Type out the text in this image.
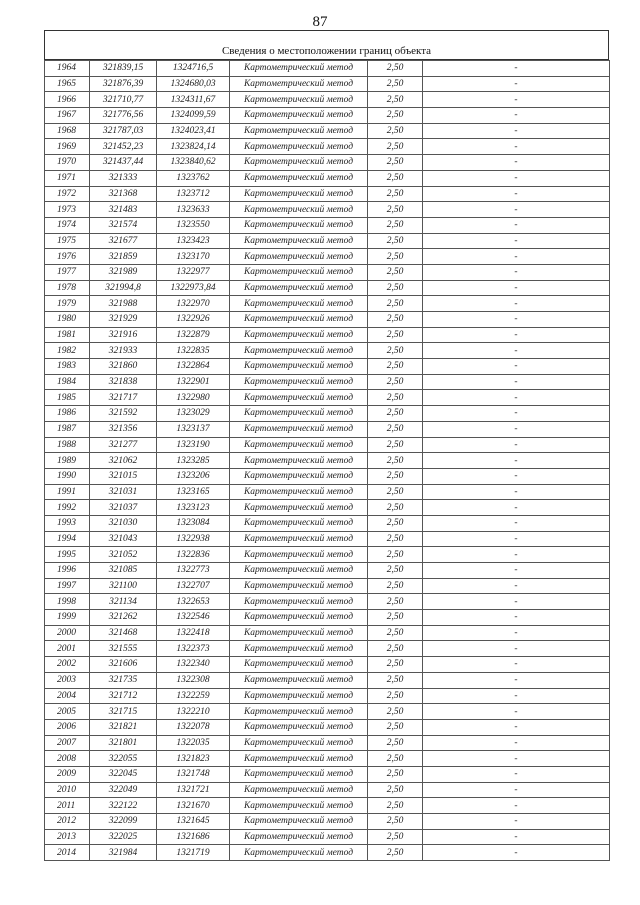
87
Сведения о местоположении границ объекта
1964	321839,15	1324716,5	Картометрический метод	2,50	-
1965	321876,39	1324680,03	Картометрический метод	2,50	-
1966	321710,77	1324311,67	Картометрический метод	2,50	-
1967	321776,56	1324099,59	Картометрический метод	2,50	-
1968	321787,03	1324023,41	Картометрический метод	2,50	-
1969	321452,23	1323824,14	Картометрический метод	2,50	-
1970	321437,44	1323840,62	Картометрический метод	2,50	-
1971	321333	1323762	Картометрический метод	2,50	-
1972	321368	1323712	Картометрический метод	2,50	-
1973	321483	1323633	Картометрический метод	2,50	-
1974	321574	1323550	Картометрический метод	2,50	-
1975	321677	1323423	Картометрический метод	2,50	-
1976	321859	1323170	Картометрический метод	2,50	-
1977	321989	1322977	Картометрический метод	2,50	-
1978	321994,8	1322973,84	Картометрический метод	2,50	-
1979	321988	1322970	Картометрический метод	2,50	-
1980	321929	1322926	Картометрический метод	2,50	-
1981	321916	1322879	Картометрический метод	2,50	-
1982	321933	1322835	Картометрический метод	2,50	-
1983	321860	1322864	Картометрический метод	2,50	-
1984	321838	1322901	Картометрический метод	2,50	-
1985	321717	1322980	Картометрический метод	2,50	-
1986	321592	1323029	Картометрический метод	2,50	-
1987	321356	1323137	Картометрический метод	2,50	-
1988	321277	1323190	Картометрический метод	2,50	-
1989	321062	1323285	Картометрический метод	2,50	-
1990	321015	1323206	Картометрический метод	2,50	-
1991	321031	1323165	Картометрический метод	2,50	-
1992	321037	1323123	Картометрический метод	2,50	-
1993	321030	1323084	Картометрический метод	2,50	-
1994	321043	1322938	Картометрический метод	2,50	-
1995	321052	1322836	Картометрический метод	2,50	-
1996	321085	1322773	Картометрический метод	2,50	-
1997	321100	1322707	Картометрический метод	2,50	-
1998	321134	1322653	Картометрический метод	2,50	-
1999	321262	1322546	Картометрический метод	2,50	-
2000	321468	1322418	Картометрический метод	2,50	-
2001	321555	1322373	Картометрический метод	2,50	-
2002	321606	1322340	Картометрический метод	2,50	-
2003	321735	1322308	Картометрический метод	2,50	-
2004	321712	1322259	Картометрический метод	2,50	-
2005	321715	1322210	Картометрический метод	2,50	-
2006	321821	1322078	Картометрический метод	2,50	-
2007	321801	1322035	Картометрический метод	2,50	-
2008	322055	1321823	Картометрический метод	2,50	-
2009	322045	1321748	Картометрический метод	2,50	-
2010	322049	1321721	Картометрический метод	2,50	-
2011	322122	1321670	Картометрический метод	2,50	-
2012	322099	1321645	Картометрический метод	2,50	-
2013	322025	1321686	Картометрический метод	2,50	-
2014	321984	1321719	Картометрический метод	2,50	-
